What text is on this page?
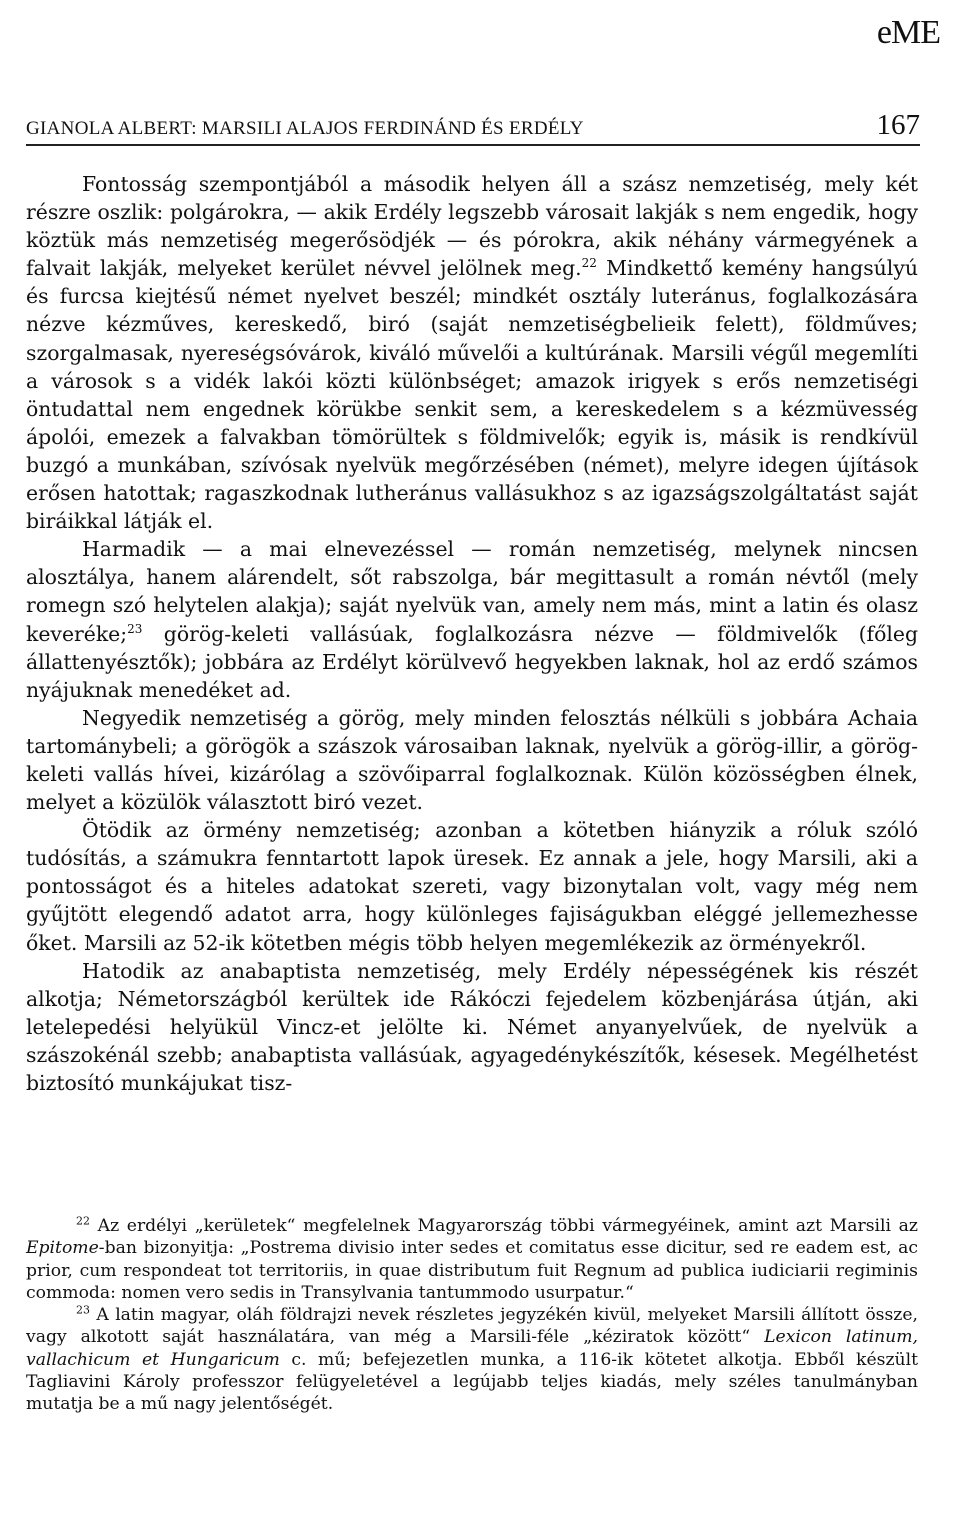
eME
GIANOLA ALBERT: MARSILI ALAJOS FERDINÁND ÉS ERDÉLY	167

Fontosság szempontjából a második helyen áll a szász nemzetiség, mely két részre oszlik: polgárokra, — akik Erdély legszebb városait lakják s nem engedik, hogy köztük más nemzetiség megerősödjék — és pórokra, akik néhány vármegyének a falvait lakják, melyeket kerület névvel jelölnek meg.$^{22}$ Mindkettő kemény hangsúlyú és furcsa kiejtésű német nyelvet beszél; mindkét osztály luteránus, foglalkozására nézve kézműves, kereskedő, biró (saját nemzetiségbelieik felett), földműves; szorgalmasak, nyereségsóvárok, kiváló művelői a kultúrának. Marsili végűl megemlíti a városok s a vidék lakói közti különbséget; amazok irigyek s erős nemzetiségi öntudattal nem engednek körükbe senkit sem, a kereskedelem s a kézmüvesség ápolói, emezek a falvakban tömörültek s földmivelők; egyik is, másik is rendkívül buzgó a munkában, szívósak nyelvük megőrzésében (német), melyre idegen újítások erősen hatottak; ragaszkodnak lutheránus vallásukhoz s az igazságszolgáltatást saját biráikkal látják el.

Harmadik — a mai elnevezéssel — román nemzetiség, melynek nincsen alosztálya, hanem alárendelt, sőt rabszolga, bár megittasult a román névtől (mely romegn szó helytelen alakja); saját nyelvük van, amely nem más, mint a latin és olasz keveréke;$^{23}$ görög-keleti vallásúak, foglalkozásra nézve — földmivelők (főleg állattenyésztők); jobbára az Erdélyt körülvevő hegyekben laknak, hol az erdő számos nyájuknak menedéket ad.

Negyedik nemzetiség a görög, mely minden felosztás nélküli s jobbára Achaia tartománybeli; a görögök a szászok városaiban laknak, nyelvük a görög-illir, a görög-keleti vallás hívei, kizárólag a szövőiparral foglalkoznak. Külön közösségben élnek, melyet a közülök választott biró vezet.

Ötödik az örmény nemzetiség; azonban a kötetben hiányzik a róluk szóló tudósítás, a számukra fenntartott lapok üresek. Ez annak a jele, hogy Marsili, aki a pontosságot és a hiteles adatokat szereti, vagy bizonytalan volt, vagy még nem gyűjtött elegendő adatot arra, hogy különleges fajiságukban eléggé jellemezhesse őket. Marsili az 52-ik kötetben mégis több helyen megemlékezik az örményekről.

Hatodik az anabaptista nemzetiség, mely Erdély népességének kis részét alkotja; Németországból kerültek ide Rákóczi fejedelem közbenjárása útján, aki letelepedési helyükül Vincz-et jelölte ki. Német anyanyelvűek, de nyelvük a szászokénál szebb; anabaptista vallásúak, agyagedénykészítők, késesek. Megélhetést biztosító munkájukat tisz-

$^{22}$ Az erdélyi „kerületek“ megfelelnek Magyarország többi vármegyéinek, amint azt Marsili az Epitome-ban bizonyitja: „Postrema divisio inter sedes et comitatus esse dicitur, sed re eadem est, ac prior, cum respondeat tot territoriis, in quae distributum fuit Regnum ad publica iudiciarii regiminis commoda: nomen vero sedis in Transylvania tantummodo usurpatur.“

$^{23}$ A latin magyar, oláh földrajzi nevek részletes jegyzékén kivül, melyeket Marsili állított össze, vagy alkotott saját használatára, van még a Marsili-féle „kéziratok között“ Lexicon latinum, vallachicum et Hungaricum c. mű; befejezetlen munka, a 116-ik kötetet alkotja. Ebből készült Tagliavini Károly professzor felügyeletével a legújabb teljes kiadás, mely széles tanulmányban mutatja be a mű nagy jelentőségét.
